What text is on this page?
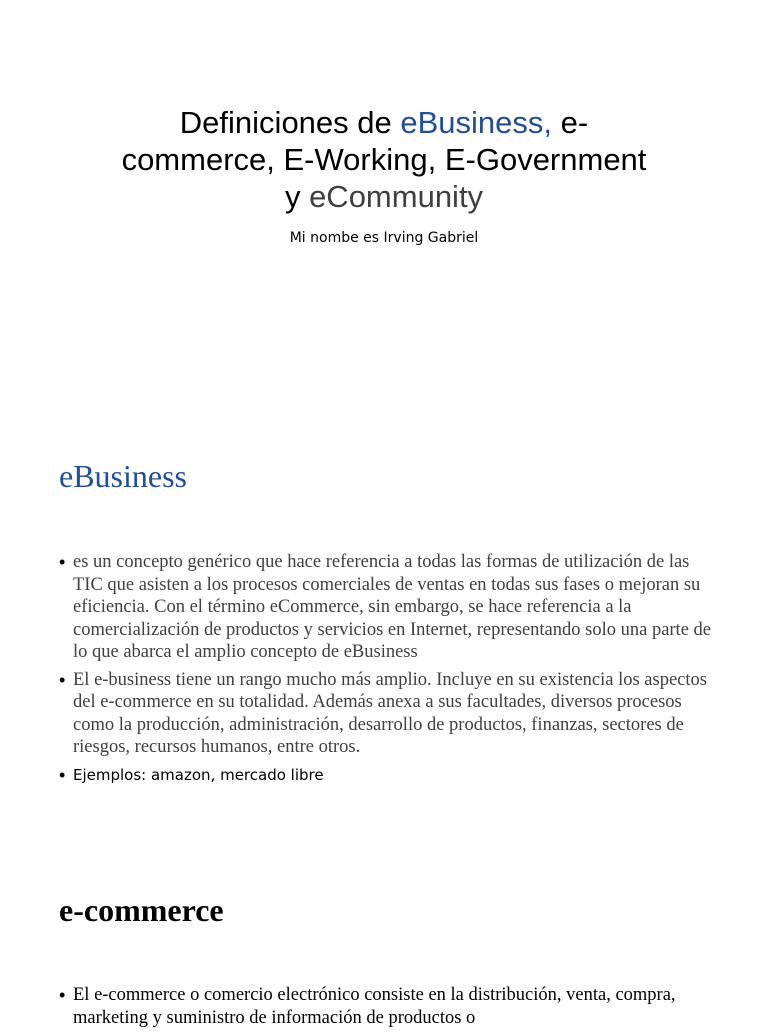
Definiciones de eBusiness, e-commerce, E-Working, E-Government y eCommunity
Mi nombe es Irving Gabriel
eBusiness
• es un concepto genérico que hace referencia a todas las formas de utilización de las TIC que asisten a los procesos comerciales de ventas en todas sus fases o mejoran su eficiencia. Con el término eCommerce, sin embargo, se hace referencia a la comercialización de productos y servicios en Internet, representando solo una parte de lo que abarca el amplio concepto de eBusiness
• El e-business tiene un rango mucho más amplio. Incluye en su existencia los aspectos del e-commerce en su totalidad. Además anexa a sus facultades, diversos procesos como la producción, administración, desarrollo de productos, finanzas, sectores de riesgos, recursos humanos, entre otros.
• Ejemplos: amazon, mercado libre
e-commerce
• El e-commerce o comercio electrónico consiste en la distribución, venta, compra, marketing y suministro de información de productos o
